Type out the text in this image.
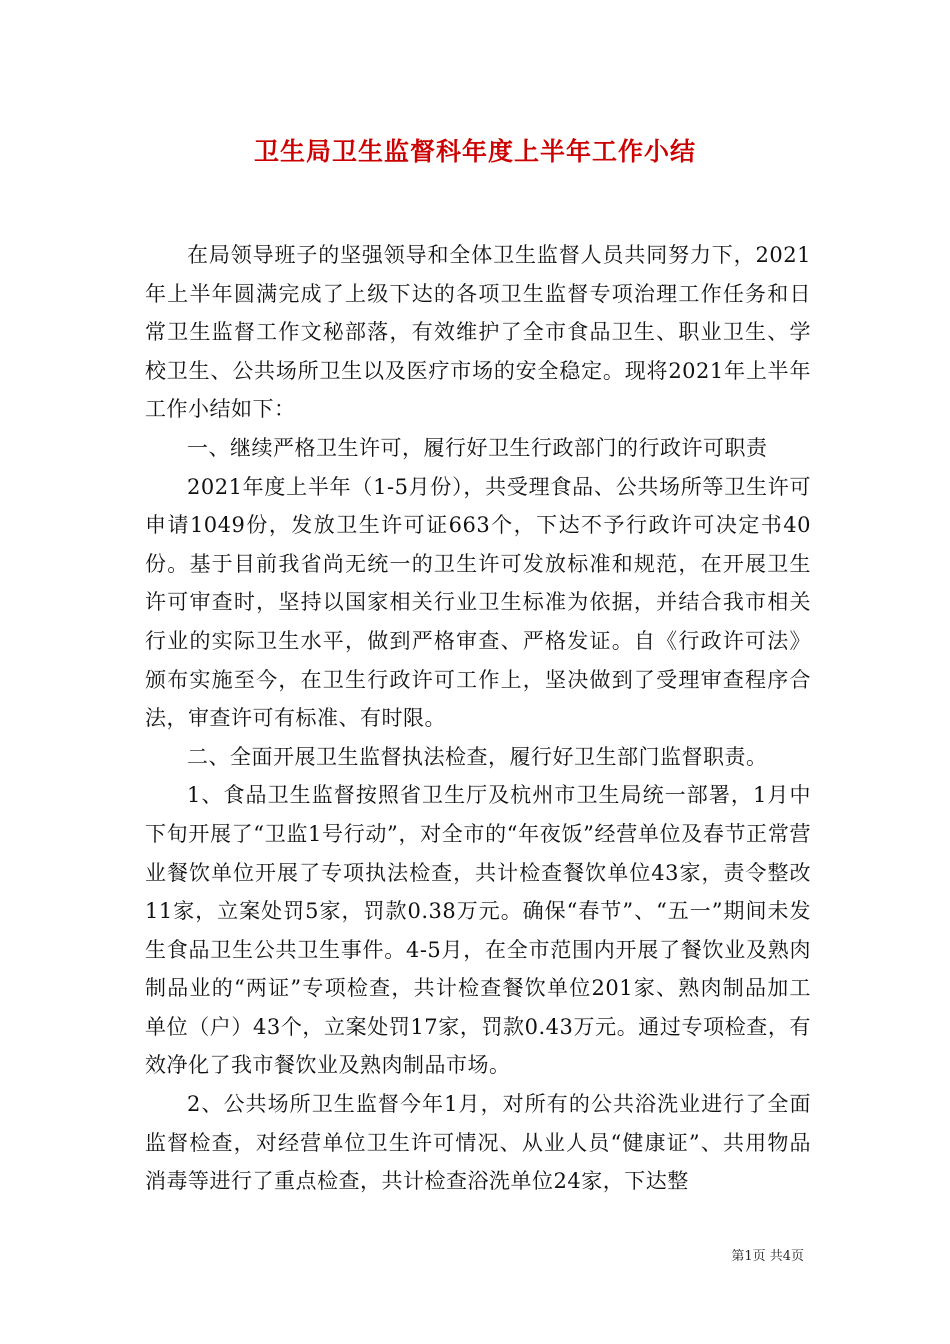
卫生局卫生监督科年度上半年工作小结

在局领导班子的坚强领导和全体卫生监督人员共同努力下，2021年上半年圆满完成了上级下达的各项卫生监督专项治理工作任务和日常卫生监督工作文秘部落，有效维护了全市食品卫生、职业卫生、学校卫生、公共场所卫生以及医疗市场的安全稳定。现将2021年上半年工作小结如下：

一、继续严格卫生许可，履行好卫生行政部门的行政许可职责

2021年度上半年（1-5月份），共受理食品、公共场所等卫生许可申请1049份，发放卫生许可证663个，下达不予行政许可决定书40份。基于目前我省尚无统一的卫生许可发放标准和规范，在开展卫生许可审查时，坚持以国家相关行业卫生标准为依据，并结合我市相关行业的实际卫生水平，做到严格审查、严格发证。自《行政许可法》颁布实施至今，在卫生行政许可工作上，坚决做到了受理审查程序合法，审查许可有标准、有时限。

二、全面开展卫生监督执法检查，履行好卫生部门监督职责。

1、食品卫生监督按照省卫生厅及杭州市卫生局统一部署，1月中下旬开展了“卫监1号行动”，对全市的“年夜饭”经营单位及春节正常营业餐饮单位开展了专项执法检查，共计检查餐饮单位43家，责令整改11家，立案处罚5家，罚款0.38万元。确保“春节”、“五一”期间未发生食品卫生公共卫生事件。4-5月，在全市范围内开展了餐饮业及熟肉制品业的“两证”专项检查，共计检查餐饮单位201家、熟肉制品加工单位（户）43个，立案处罚17家，罚款0.43万元。通过专项检查，有效净化了我市餐饮业及熟肉制品市场。

2、公共场所卫生监督今年1月，对所有的公共浴洗业进行了全面监督检查，对经营单位卫生许可情况、从业人员“健康证”、共用物品消毒等进行了重点检查，共计检查浴洗单位24家，下达整

第1页 共4页
